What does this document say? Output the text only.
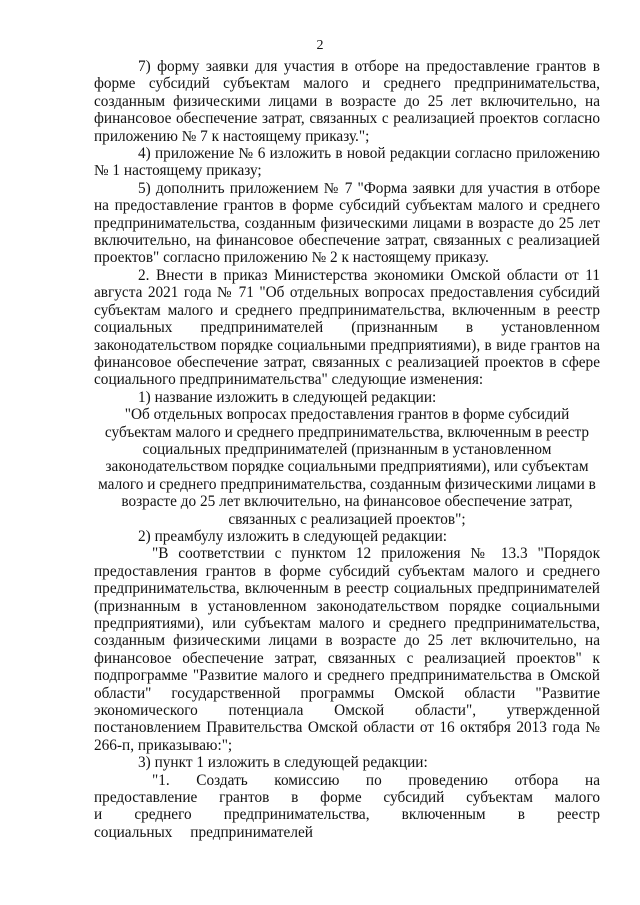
2

7) форму заявки для участия в отборе на предоставление грантов в форме субсидий субъектам малого и среднего предпринимательства, созданным физическими лицами в возрасте до 25 лет включительно, на финансовое обеспечение затрат, связанных с реализацией проектов согласно приложению № 7 к настоящему приказу.";

4) приложение № 6 изложить в новой редакции согласно приложению № 1 настоящему приказу;

5) дополнить приложением № 7 "Форма заявки для участия в отборе на предоставление грантов в форме субсидий субъектам малого и среднего предпринимательства, созданным физическими лицами в возрасте до 25 лет включительно, на финансовое обеспечение затрат, связанных с реализацией проектов" согласно приложению № 2 к настоящему приказу.

2. Внести в приказ Министерства экономики Омской области от 11 августа 2021 года № 71 "Об отдельных вопросах предоставления субсидий субъектам малого и среднего предпринимательства, включенным в реестр социальных предпринимателей (признанным в установленном законодательством порядке социальными предприятиями), в виде грантов на финансовое обеспечение затрат, связанных с реализацией проектов в сфере социального предпринимательства" следующие изменения:

1) название изложить в следующей редакции:

"Об отдельных вопросах предоставления грантов в форме субсидий субъектам малого и среднего предпринимательства, включенным в реестр социальных предпринимателей (признанным в установленном законодательством порядке социальными предприятиями), или субъектам малого и среднего предпринимательства, созданным физическими лицами в возрасте до 25 лет включительно, на финансовое обеспечение затрат, связанных с реализацией проектов";

2) преамбулу изложить в следующей редакции:

"В соответствии с пунктом 12 приложения № 13.3 "Порядок предоставления грантов в форме субсидий субъектам малого и среднего предпринимательства, включенным в реестр социальных предпринимателей (признанным в установленном законодательством порядке социальными предприятиями), или субъектам малого и среднего предпринимательства, созданным физическими лицами в возрасте до 25 лет включительно, на финансовое обеспечение затрат, связанных с реализацией проектов" к подпрограмме "Развитие малого и среднего предпринимательства в Омской области" государственной программы Омской области "Развитие экономического потенциала Омской области", утвержденной постановлением Правительства Омской области от 16 октября 2013 года № 266-п, приказываю:";

3) пункт 1 изложить в следующей редакции:

"1. Создать комиссию по проведению отбора на предоставление грантов в форме субсидий субъектам малого и среднего предпринимательства, включенным в реестр социальных предпринимателей
